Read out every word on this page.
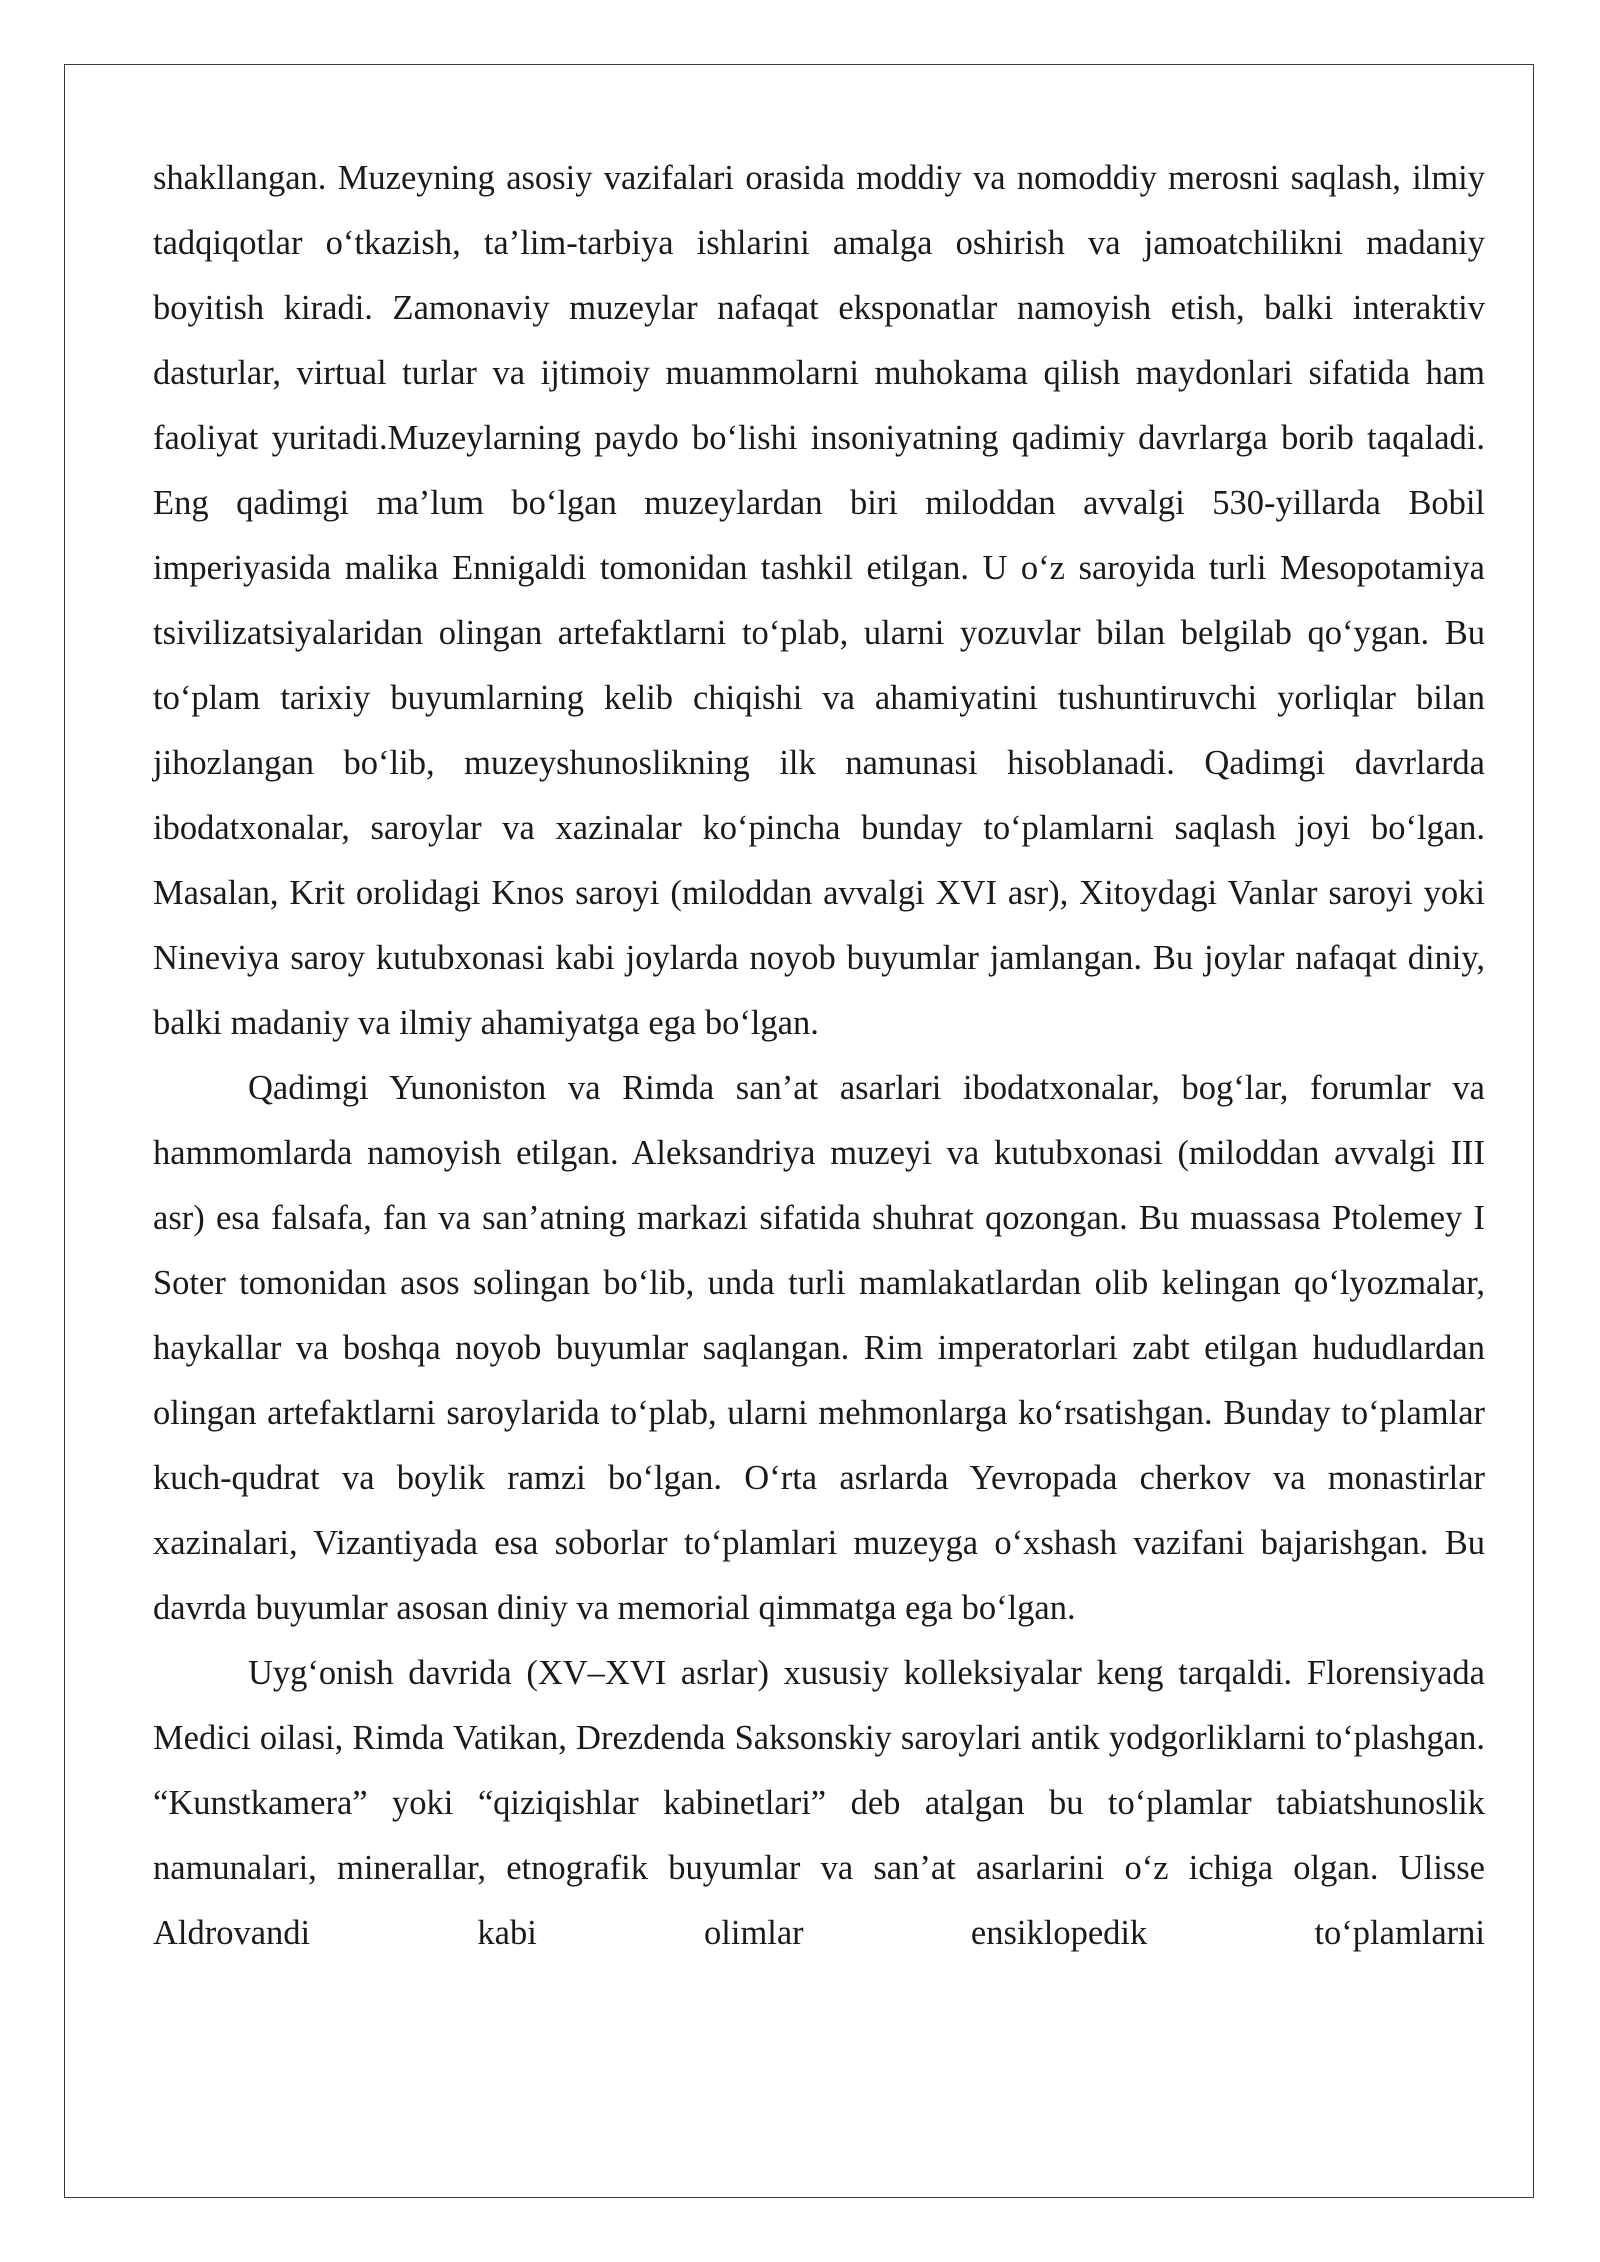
shakllangan. Muzeyning asosiy vazifalari orasida moddiy va nomoddiy merosni saqlash, ilmiy tadqiqotlar o‘tkazish, ta’lim-tarbiya ishlarini amalga oshirish va jamoatchilikni madaniy boyitish kiradi. Zamonaviy muzeylar nafaqat eksponatlar namoyish etish, balki interaktiv dasturlar, virtual turlar va ijtimoiy muammolarni muhokama qilish maydonlari sifatida ham faoliyat yuritadi.Muzeylarning paydo bo‘lishi insoniyatning qadimiy davrlarga borib taqaladi. Eng qadimgi ma’lum bo‘lgan muzeylardan biri miloddan avvalgi 530-yillarda Bobil imperiyasida malika Ennigaldi tomonidan tashkil etilgan. U o‘z saroyida turli Mesopotamiya tsivilizatsiyalaridan olingan artefaktlarni to‘plab, ularni yozuvlar bilan belgilab qo‘ygan. Bu to‘plam tarixiy buyumlarning kelib chiqishi va ahamiyatini tushuntiruvchi yorliqlar bilan jihozlangan bo‘lib, muzeyshunoslikning ilk namunasi hisoblanadi. Qadimgi davrlarda ibodatxonalar, saroylar va xazinalar ko‘pincha bunday to‘plamlarni saqlash joyi bo‘lgan. Masalan, Krit orolidagi Knos saroyi (miloddan avvalgi XVI asr), Xitoydagi Vanlar saroyi yoki Nineviya saroy kutubxonasi kabi joylarda noyob buyumlar jamlangan. Bu joylar nafaqat diniy, balki madaniy va ilmiy ahamiyatga ega bo‘lgan.

Qadimgi Yunoniston va Rimda san’at asarlari ibodatxonalar, bog‘lar, forumlar va hammomlarda namoyish etilgan. Aleksandriya muzeyi va kutubxonasi (miloddan avvalgi III asr) esa falsafa, fan va san’atning markazi sifatida shuhrat qozongan. Bu muassasa Ptolemey I Soter tomonidan asos solingan bo‘lib, unda turli mamlakatlardan olib kelingan qo‘lyozmalar, haykallar va boshqa noyob buyumlar saqlangan. Rim imperatorlari zabt etilgan hududlardan olingan artefaktlarni saroylarida to‘plab, ularni mehmonlarga ko‘rsatishgan. Bunday to‘plamlar kuch-qudrat va boylik ramzi bo‘lgan. O‘rta asrlarda Yevropada cherkov va monastirlar xazinalari, Vizantiyada esa soborlar to‘plamlari muzeyga o‘xshash vazifani bajarishgan. Bu davrda buyumlar asosan diniy va memorial qimmatga ega bo‘lgan.

Uyg‘onish davrida (XV–XVI asrlar) xususiy kolleksiyalar keng tarqaldi. Florensiyada Medici oilasi, Rimda Vatikan, Drezdenda Saksonskiy saroylari antik yodgorliklarni to‘plashgan. “Kunstkamera” yoki “qiziqishlar kabinetlari” deb atalgan bu to‘plamlar tabiatshunoslik namunalari, minerallar, etnografik buyumlar va san’at asarlarini o‘z ichiga olgan. Ulisse Aldrovandi kabi olimlar ensiklopedik to‘plamlarni
